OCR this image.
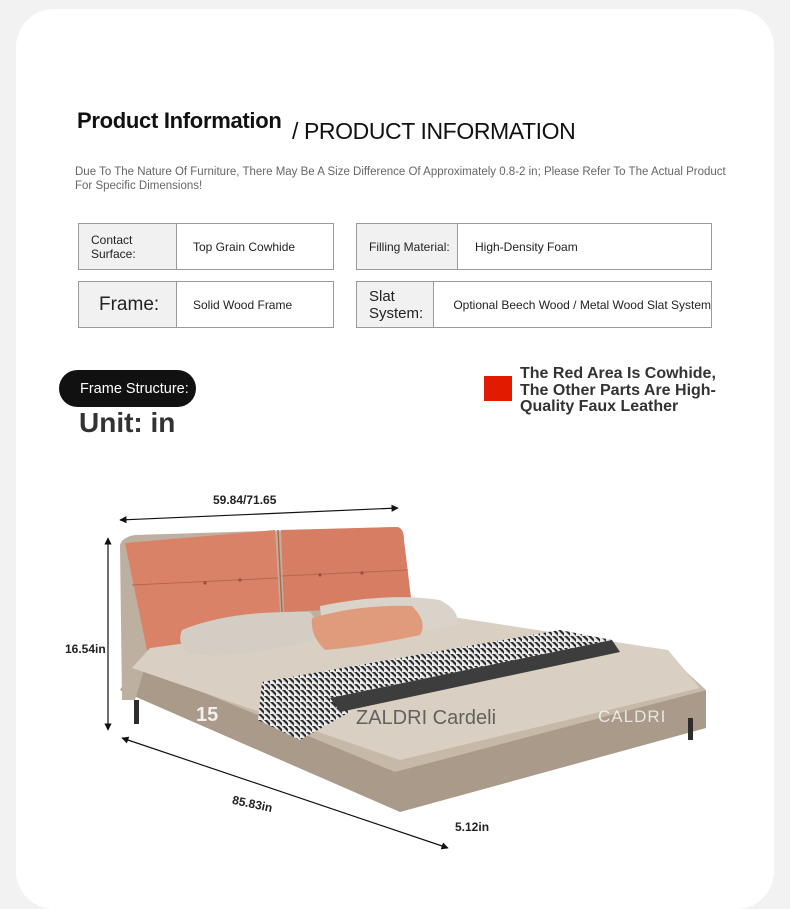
Product Information / PRODUCT INFORMATION
Due To The Nature Of Furniture, There May Be A Size Difference Of Approximately 0.8-2 in; Please Refer To The Actual Product For Specific Dimensions!
Contact Surface:	Top Grain Cowhide	Filling Material:	High-Density Foam
Frame:	Solid Wood Frame	Slat System:	Optional Beech Wood / Metal Wood Slat System
Frame Structure:
Unit: in
The Red Area Is Cowhide, The Other Parts Are High-Quality Faux Leather
59.84/71.65
16.54in
85.83in
5.12in
15	ZALDRI Cardeli	CALDRI
